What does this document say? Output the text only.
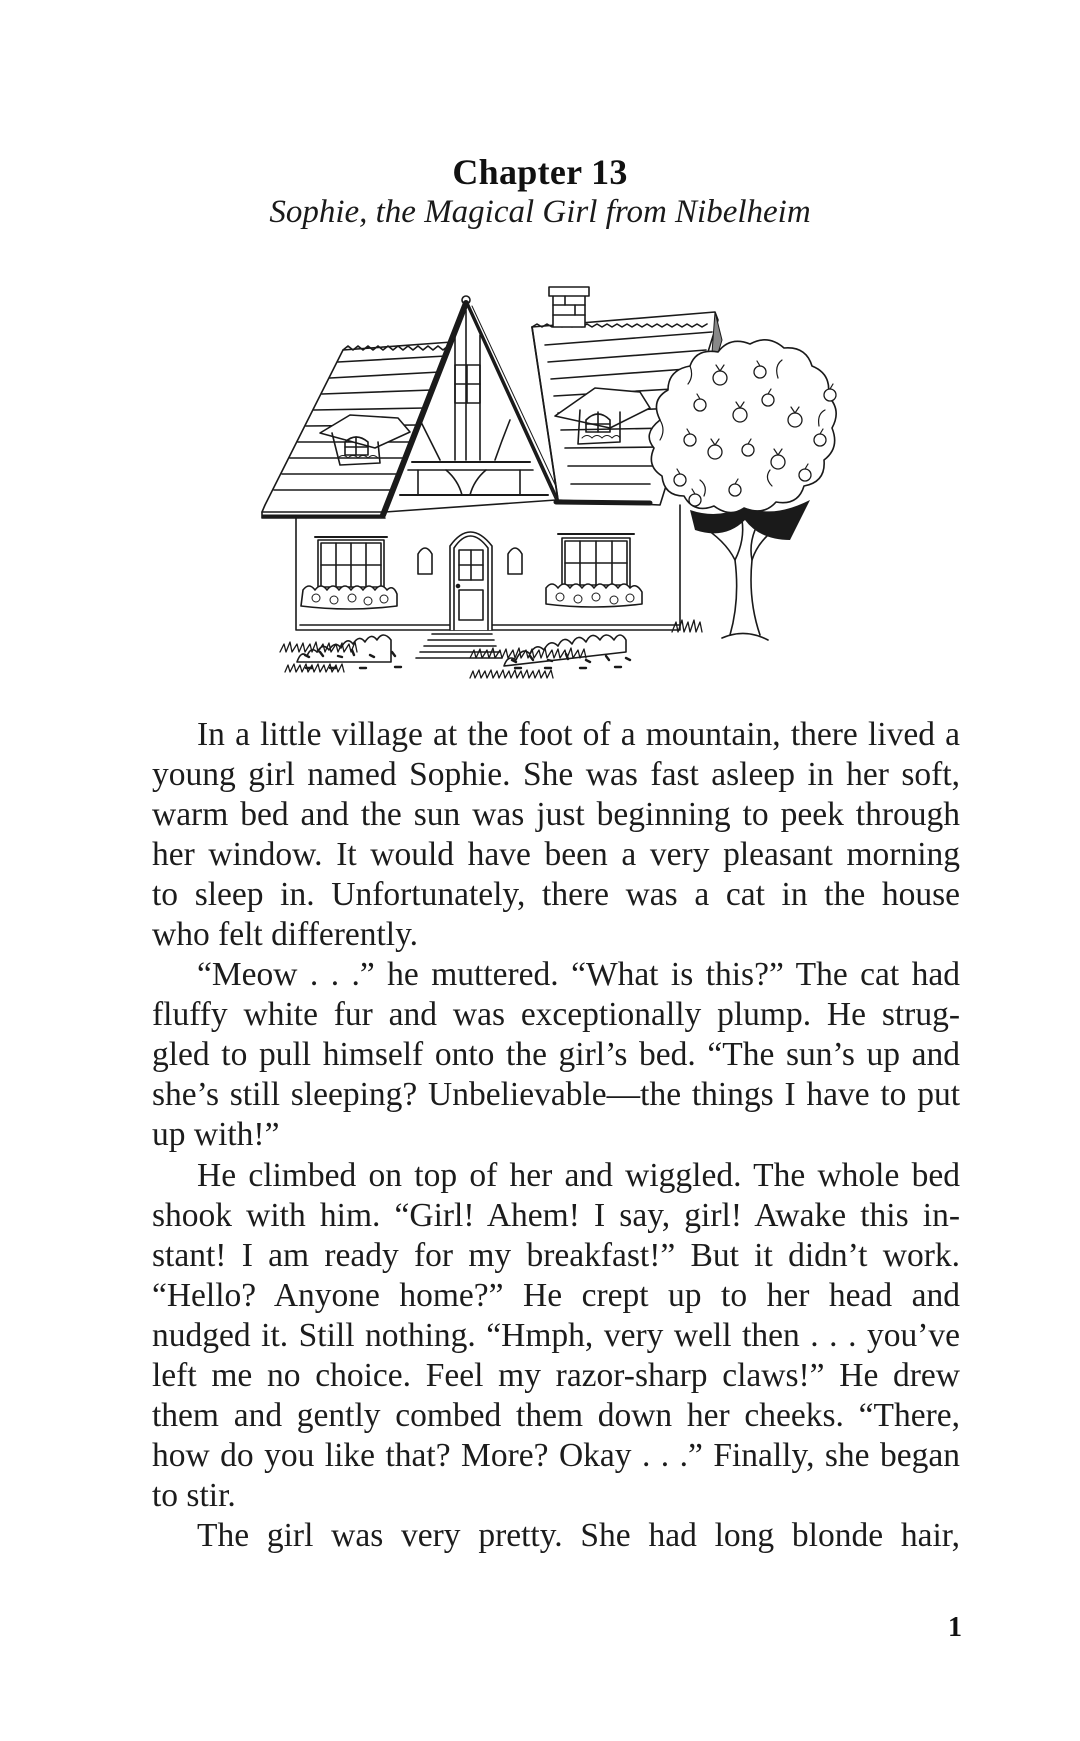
Chapter 13
Sophie, the Magical Girl from Nibelheim

In a little village at the foot of a mountain, there lived a
young girl named Sophie. She was fast asleep in her soft,
warm bed and the sun was just beginning to peek through
her window. It would have been a very pleasant morning
to sleep in. Unfortunately, there was a cat in the house
who felt differently.

“Meow . . .” he muttered. “What is this?” The cat had
fluffy white fur and was exceptionally plump. He strug-
gled to pull himself onto the girl’s bed. “The sun’s up and
she’s still sleeping? Unbelievable—the things I have to put
up with!”

He climbed on top of her and wiggled. The whole bed
shook with him. “Girl! Ahem! I say, girl! Awake this in-
stant! I am ready for my breakfast!” But it didn’t work.
“Hello? Anyone home?” He crept up to her head and
nudged it. Still nothing. “Hmph, very well then . . . you’ve
left me no choice. Feel my razor-sharp claws!” He drew
them and gently combed them down her cheeks. “There,
how do you like that? More? Okay . . .” Finally, she began
to stir.

The girl was very pretty. She had long blonde hair,

1
